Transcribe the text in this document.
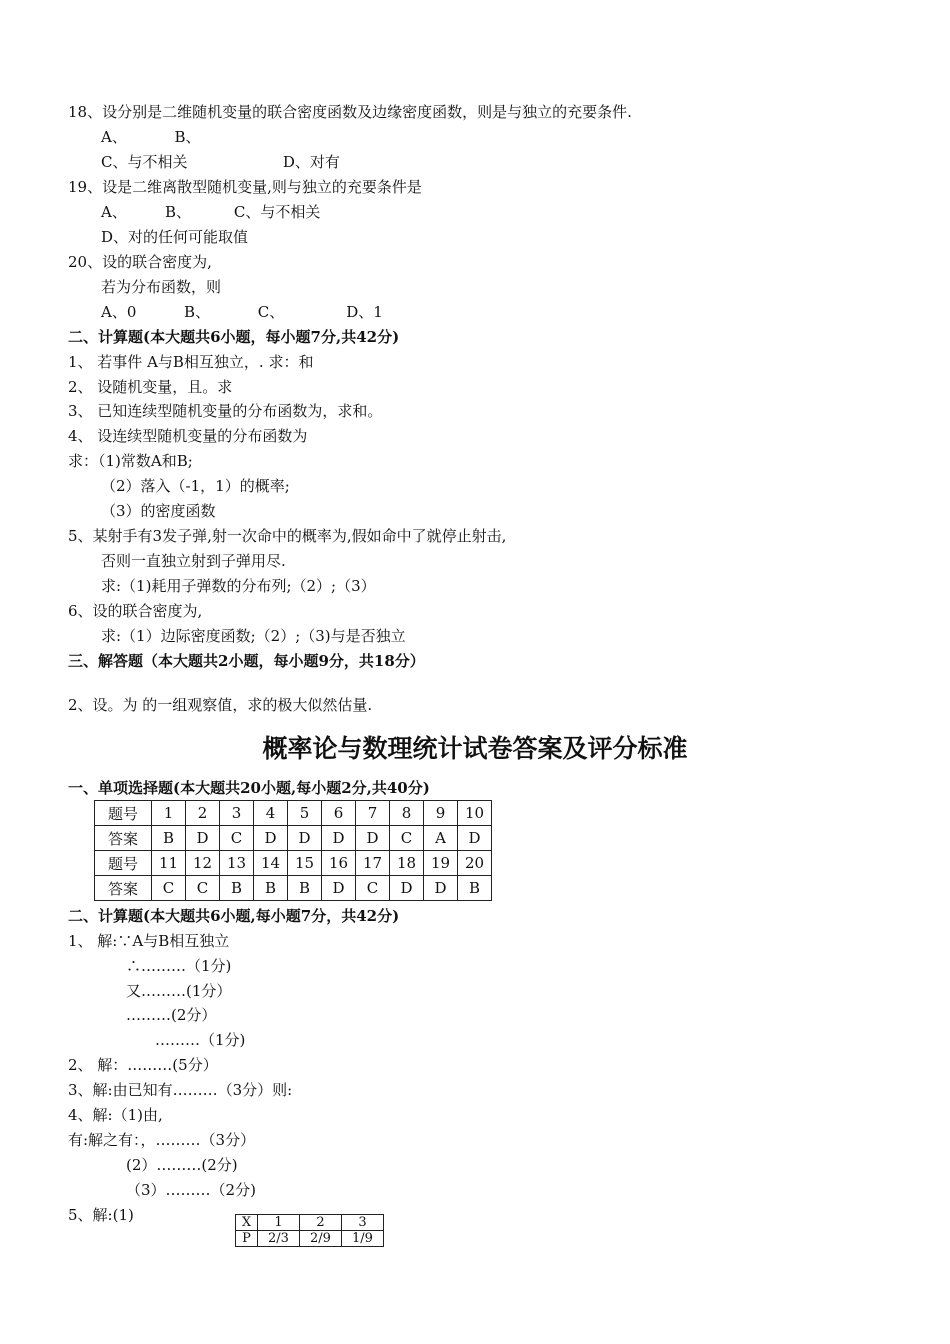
18、设分别是二维随机变量的联合密度函数及边缘密度函数，则是与独立的充要条件.
A、          B、
C、与不相关                    D、对有
19、设是二维离散型随机变量,则与独立的充要条件是
A、        B、         C、与不相关
D、对的任何可能取值
20、设的联合密度为,
若为分布函数，则
A、0          B、          C、             D、1
二、计算题(本大题共6小题，每小题7分,共42分)
1、 若事件 A与B相互独立，. 求：和
2、 设随机变量，且。求
3、 已知连续型随机变量的分布函数为，求和。
4、 设连续型随机变量的分布函数为
求：（1)常数A和B;
（2）落入（-1，1）的概率;
（3）的密度函数
5、某射手有3发子弹,射一次命中的概率为,假如命中了就停止射击,
否则一直独立射到子弹用尽.
求:（1)耗用子弹数的分布列;（2）;（3）
6、设的联合密度为,
求:（1）边际密度函数;（2）;（3)与是否独立
三、解答题（本大题共2小题，每小题9分，共18分）
2、设。为 的一组观察值，求的极大似然估量.
概率论与数理统计试卷答案及评分标准
一、单项选择题(本大题共20小题,每小题2分,共40分)
题号	1	2	3	4	5	6	7	8	9	10
答案	B	D	C	D	D	D	D	C	A	D
题号	11	12	13	14	15	16	17	18	19	20
答案	C	C	B	B	B	D	C	D	D	B
二、计算题(本大题共6小题,每小题7分，共42分)
1、 解:∵A与B相互独立
∴………（1分)
又………(1分）
………(2分）
………（1分)
2、 解：………(5分）
3、解:由已知有………（3分）则:
4、解:（1)由,
有:解之有：，………（3分）
(2）………(2分)
（3）………（2分)
5、解:(1)	X	1	2	3
P	2/3	2/9	1/9
